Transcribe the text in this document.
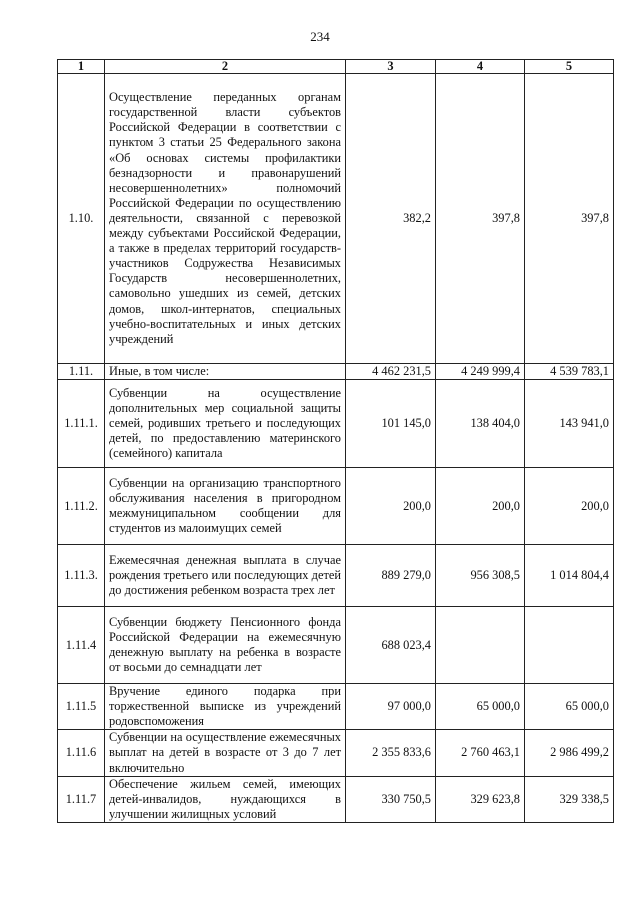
234
1	2	3	4	5
1.10.	Осуществление переданных органам государственной власти субъектов Российской Федерации в соответствии с пунктом 3 статьи 25 Федерального закона «Об основах системы профилактики безнадзорности и правонарушений несовершеннолетних» полномочий Российской Федерации по осуществлению деятельности, связанной с перевозкой между субъектами Российской Федерации, а также в пределах территорий государств-участников Содружества Независимых Государств несовершеннолетних, самовольно ушедших из семей, детских домов, школ-интернатов, специальных учебно-воспитательных и иных детских учреждений	382,2	397,8	397,8
1.11.	Иные, в том числе:	4 462 231,5	4 249 999,4	4 539 783,1
1.11.1.	Субвенции на осуществление дополнительных мер социальной защиты семей, родивших третьего и последующих детей, по предоставлению материнского (семейного) капитала	101 145,0	138 404,0	143 941,0
1.11.2.	Субвенции на организацию транспортного обслуживания населения в пригородном межмуниципальном сообщении для студентов из малоимущих семей	200,0	200,0	200,0
1.11.3.	Ежемесячная денежная выплата в случае рождения третьего или последующих детей до достижения ребенком возраста трех лет	889 279,0	956 308,5	1 014 804,4
1.11.4	Субвенции бюджету Пенсионного фонда Российской Федерации на ежемесячную денежную выплату на ребенка в возрасте от восьми до семнадцати лет	688 023,4		
1.11.5	Вручение единого подарка при торжественной выписке из учреждений родовспоможения	97 000,0	65 000,0	65 000,0
1.11.6	Субвенции на осуществление ежемесячных выплат на детей в возрасте от 3 до 7 лет включительно	2 355 833,6	2 760 463,1	2 986 499,2
1.11.7	Обеспечение жильем семей, имеющих детей-инвалидов, нуждающихся в улучшении жилищных условий	330 750,5	329 623,8	329 338,5
